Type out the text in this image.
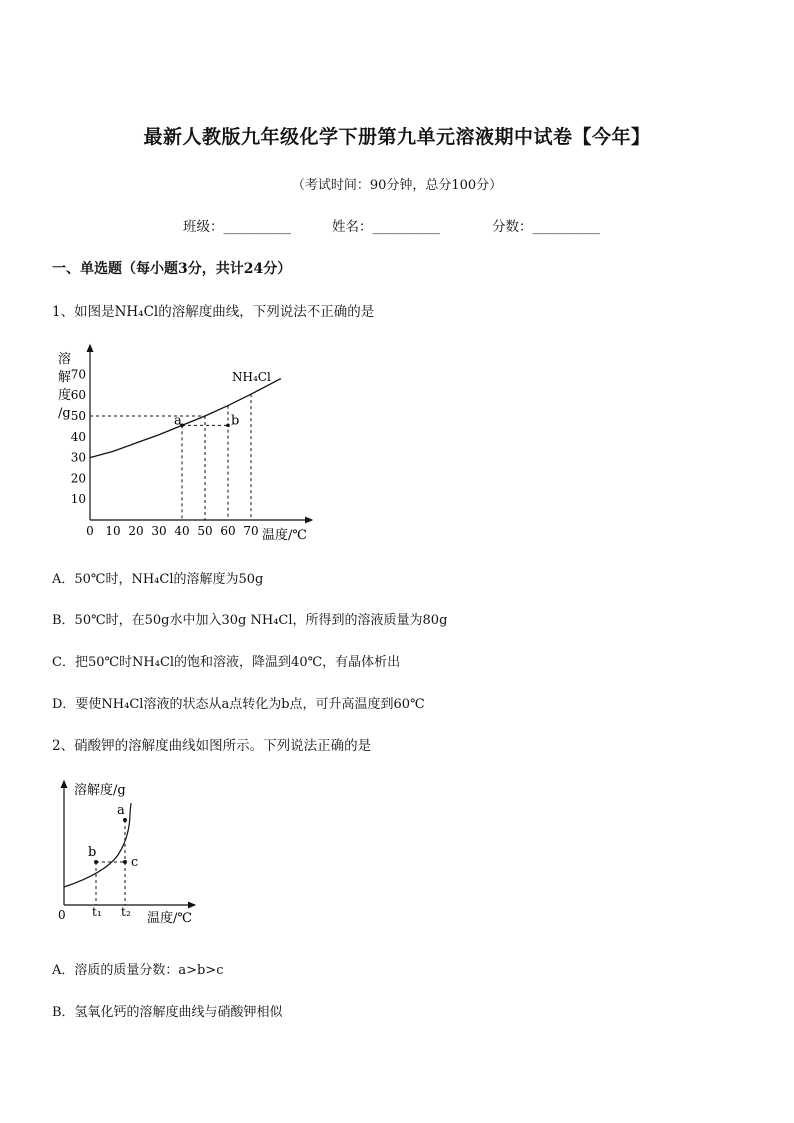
最新人教版九年级化学下册第九单元溶液期中试卷【今年】
（考试时间：90分钟，总分100分）
班级：__________	姓名：__________	分数：__________
一、单选题（每小题3分，共计24分）
1、如图是NH₄Cl的溶解度曲线，下列说法不正确的是
溶
解
度
/g
10
20
30
40
50
60
70
0 10 20 30 40 50 60 70
a	b
NH₄Cl
温度/℃
A．50℃时，NH₄Cl的溶解度为50g
B．50℃时，在50g水中加入30g NH₄Cl，所得到的溶液质量为80g
C．把50℃时NH₄Cl的饱和溶液，降温到40℃，有晶体析出
D．要使NH₄Cl溶液的状态从a点转化为b点，可升高温度到60℃
2、硝酸钾的溶解度曲线如图所示。下列说法正确的是
溶解度/g
a
b
c
0 t₁ t₂ 温度/℃
A．溶质的质量分数：a>b>c
B．氢氧化钙的溶解度曲线与硝酸钾相似
